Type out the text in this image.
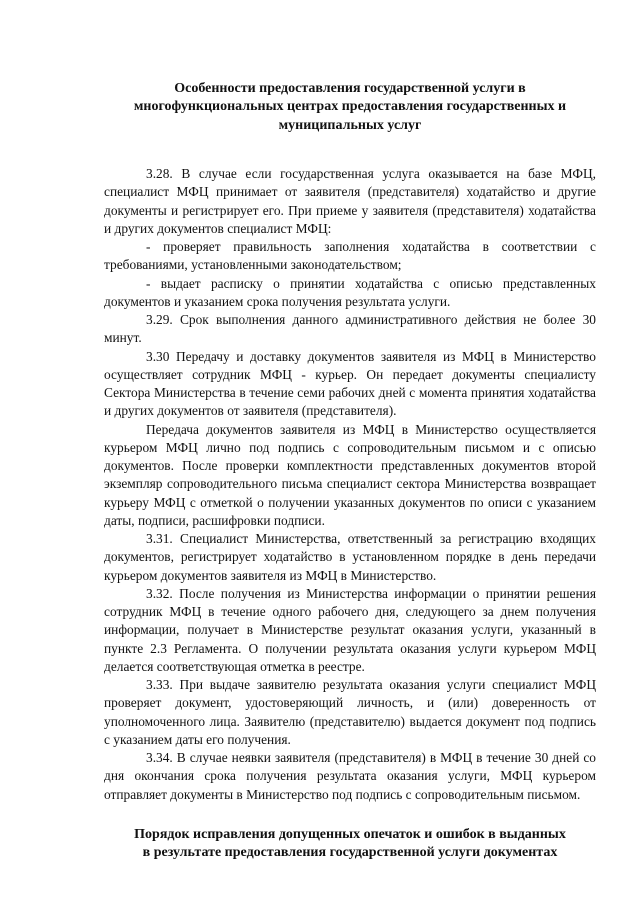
Особенности предоставления государственной услуги в
многофункциональных центрах предоставления государственных и
муниципальных услуг

3.28. В случае если государственная услуга оказывается на базе МФЦ, специалист МФЦ принимает от заявителя (представителя) ходатайство и другие документы и регистрирует его. При приеме у заявителя (представителя) ходатайства и других документов специалист МФЦ:

- проверяет правильность заполнения ходатайства в соответствии с требованиями, установленными законодательством;

- выдает расписку о принятии ходатайства с описью представленных документов и указанием срока получения результата услуги.

3.29. Срок выполнения данного административного действия не более 30 минут.

3.30 Передачу и доставку документов заявителя из МФЦ в Министерство осуществляет сотрудник МФЦ - курьер. Он передает документы специалисту Сектора Министерства в течение семи рабочих дней с момента принятия ходатайства и других документов от заявителя (представителя).

Передача документов заявителя из МФЦ в Министерство осуществляется курьером МФЦ лично под подпись с сопроводительным письмом и с описью документов. После проверки комплектности представленных документов второй экземпляр сопроводительного письма специалист сектора Министерства возвращает курьеру МФЦ с отметкой о получении указанных документов по описи с указанием даты, подписи, расшифровки подписи.

3.31. Специалист Министерства, ответственный за регистрацию входящих документов, регистрирует ходатайство в установленном порядке в день передачи курьером документов заявителя из МФЦ в Министерство.

3.32. После получения из Министерства информации о принятии решения сотрудник МФЦ в течение одного рабочего дня, следующего за днем получения информации, получает в Министерстве результат оказания услуги, указанный в пункте 2.3 Регламента. О получении результата оказания услуги курьером МФЦ делается соответствующая отметка в реестре.

3.33. При выдаче заявителю результата оказания услуги специалист МФЦ проверяет документ, удостоверяющий личность, и (или) доверенность от уполномоченного лица. Заявителю (представителю) выдается документ под подпись с указанием даты его получения.

3.34. В случае неявки заявителя (представителя) в МФЦ в течение 30 дней со дня окончания срока получения результата оказания услуги, МФЦ курьером отправляет документы в Министерство под подпись с сопроводительным письмом.

Порядок исправления допущенных опечаток и ошибок в выданных
в результате предоставления государственной услуги документах
